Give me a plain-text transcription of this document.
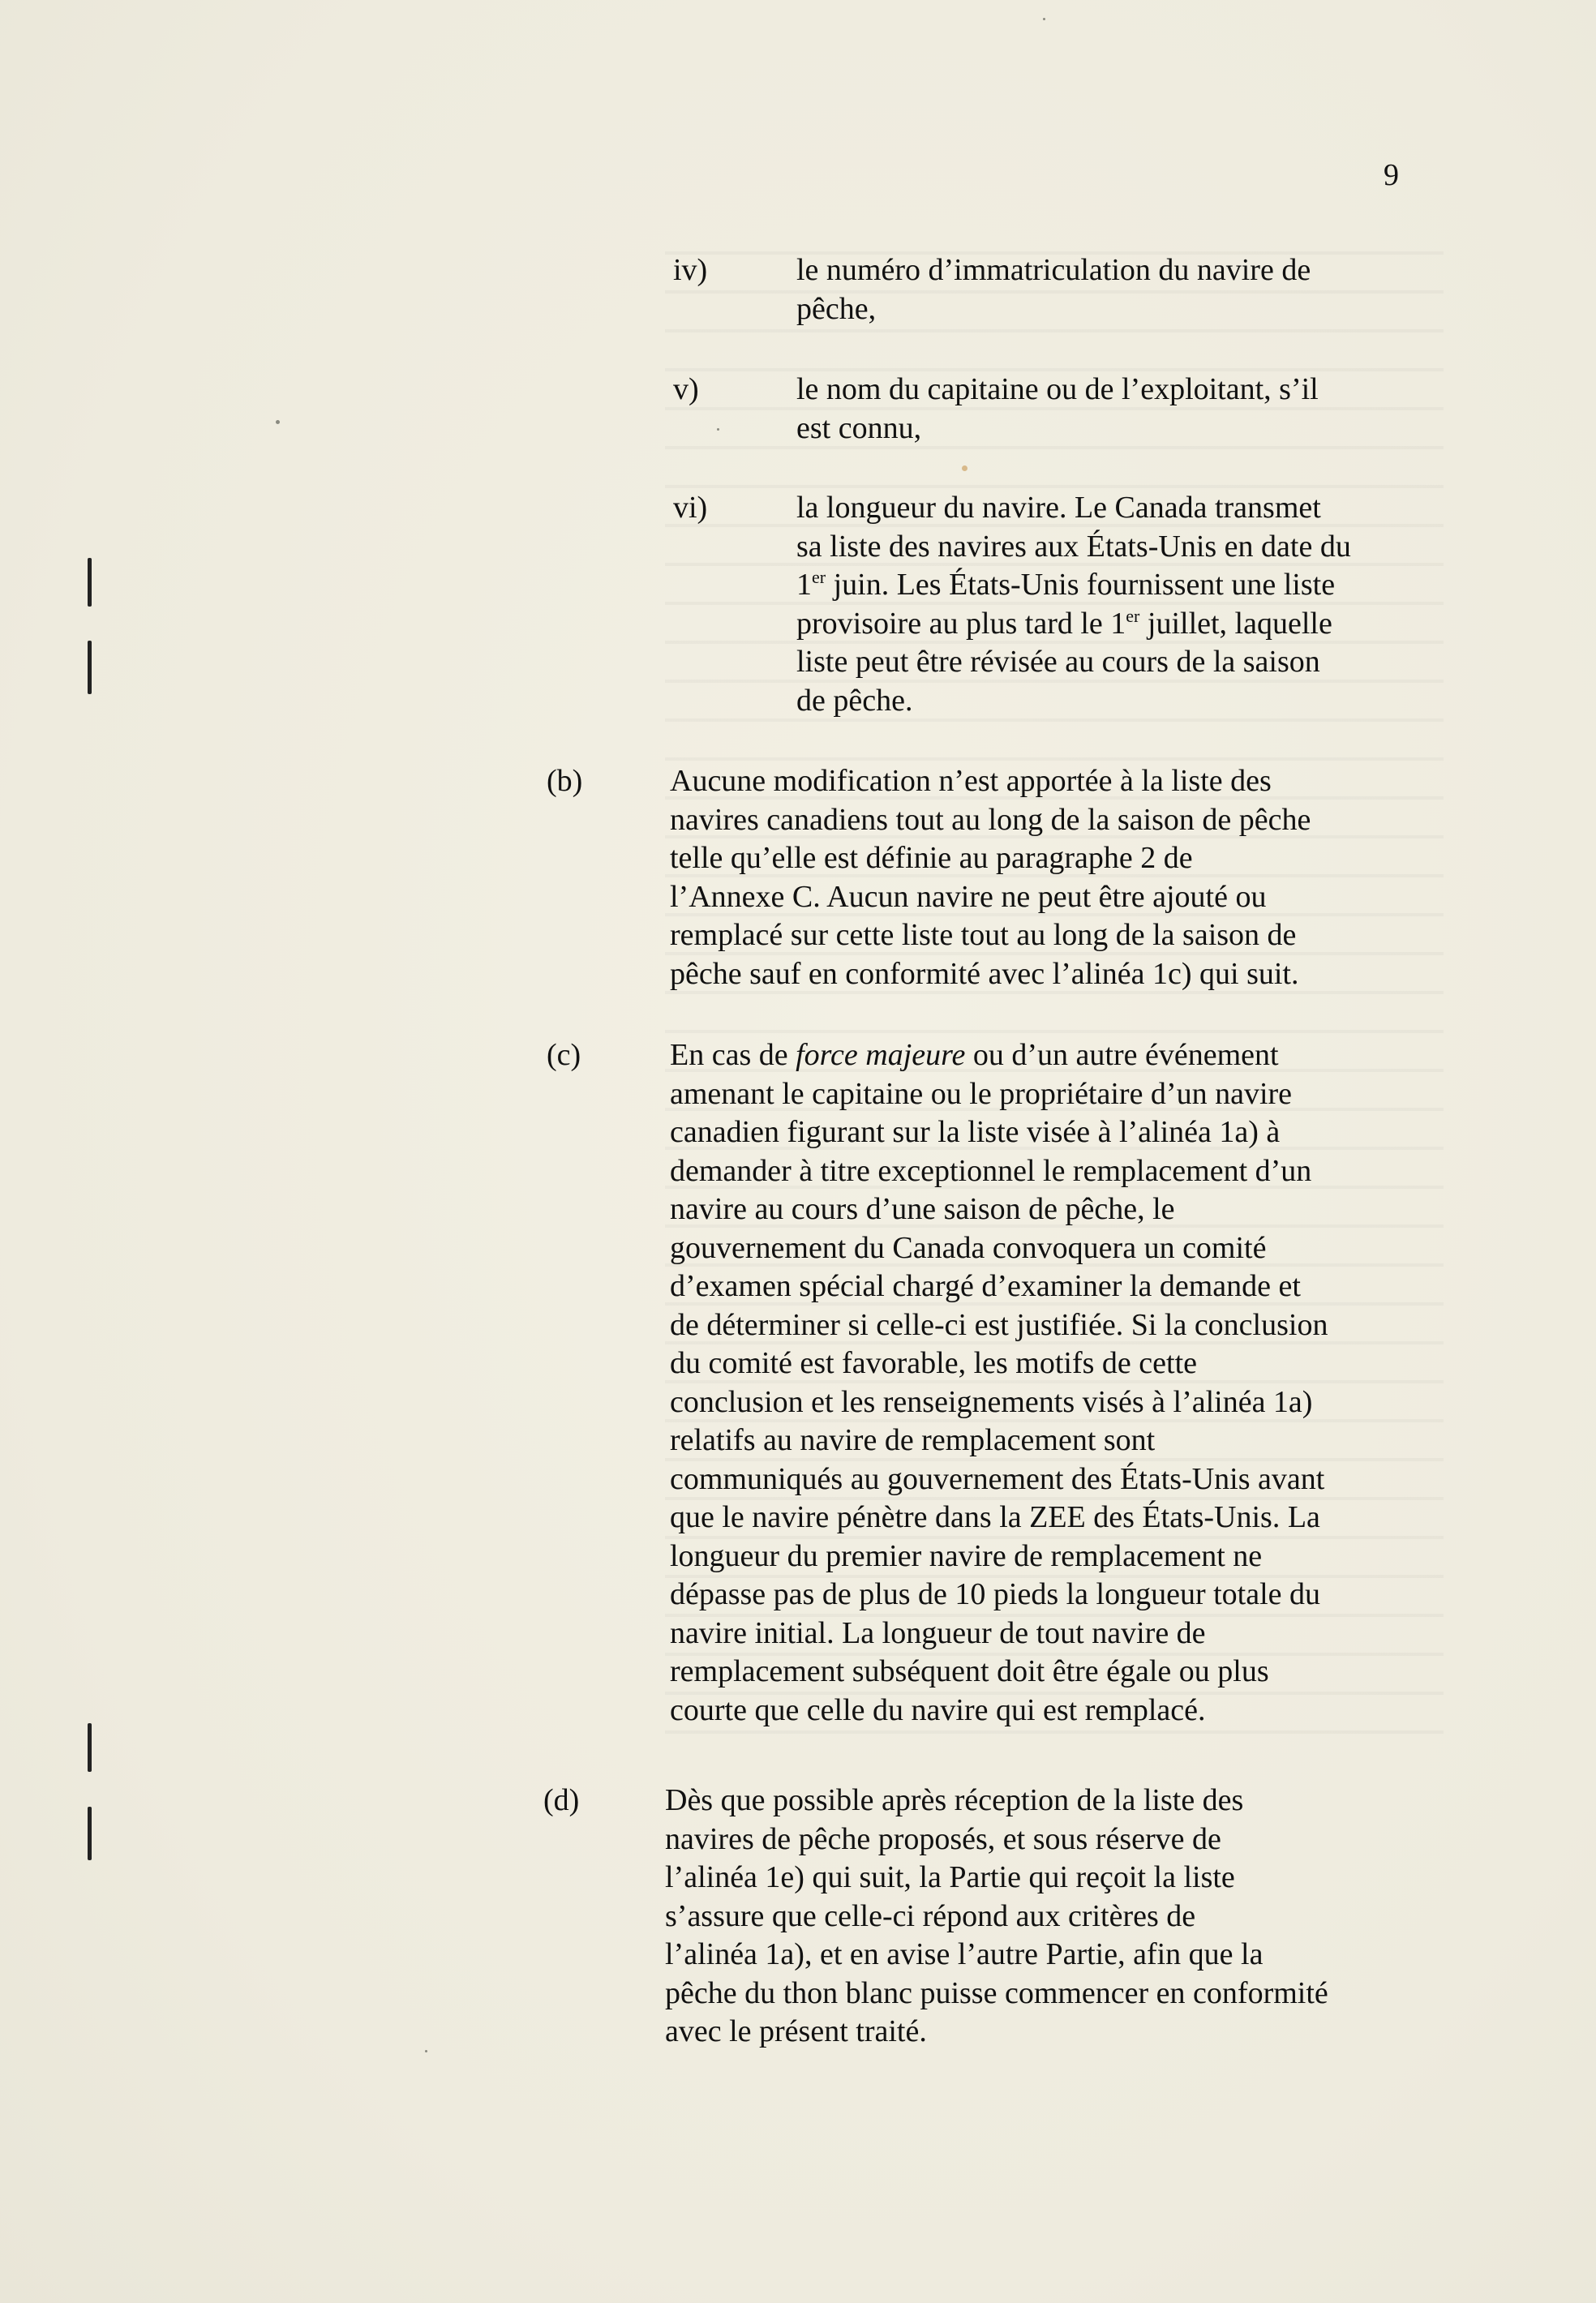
9
iv)	le numéro d’immatriculation du navire de
pêche,
v)	le nom du capitaine ou de l’exploitant, s’il
est connu,
vi)	la longueur du navire. Le Canada transmet
sa liste des navires aux États-Unis en date du
1er juin. Les États-Unis fournissent une liste
provisoire au plus tard le 1er juillet, laquelle
liste peut être révisée au cours de la saison
de pêche.
(b)	Aucune modification n’est apportée à la liste des
navires canadiens tout au long de la saison de pêche
telle qu’elle est définie au paragraphe 2 de
l’Annexe C. Aucun navire ne peut être ajouté ou
remplacé sur cette liste tout au long de la saison de
pêche sauf en conformité avec l’alinéa 1c) qui suit.
(c)	En cas de force majeure ou d’un autre événement
amenant le capitaine ou le propriétaire d’un navire
canadien figurant sur la liste visée à l’alinéa 1a) à
demander à titre exceptionnel le remplacement d’un
navire au cours d’une saison de pêche, le
gouvernement du Canada convoquera un comité
d’examen spécial chargé d’examiner la demande et
de déterminer si celle-ci est justifiée. Si la conclusion
du comité est favorable, les motifs de cette
conclusion et les renseignements visés à l’alinéa 1a)
relatifs au navire de remplacement sont
communiqués au gouvernement des États-Unis avant
que le navire pénètre dans la ZEE des États-Unis. La
longueur du premier navire de remplacement ne
dépasse pas de plus de 10 pieds la longueur totale du
navire initial. La longueur de tout navire de
remplacement subséquent doit être égale ou plus
courte que celle du navire qui est remplacé.
(d)	Dès que possible après réception de la liste des
navires de pêche proposés, et sous réserve de
l’alinéa 1e) qui suit, la Partie qui reçoit la liste
s’assure que celle-ci répond aux critères de
l’alinéa 1a), et en avise l’autre Partie, afin que la
pêche du thon blanc puisse commencer en conformité
avec le présent traité.
